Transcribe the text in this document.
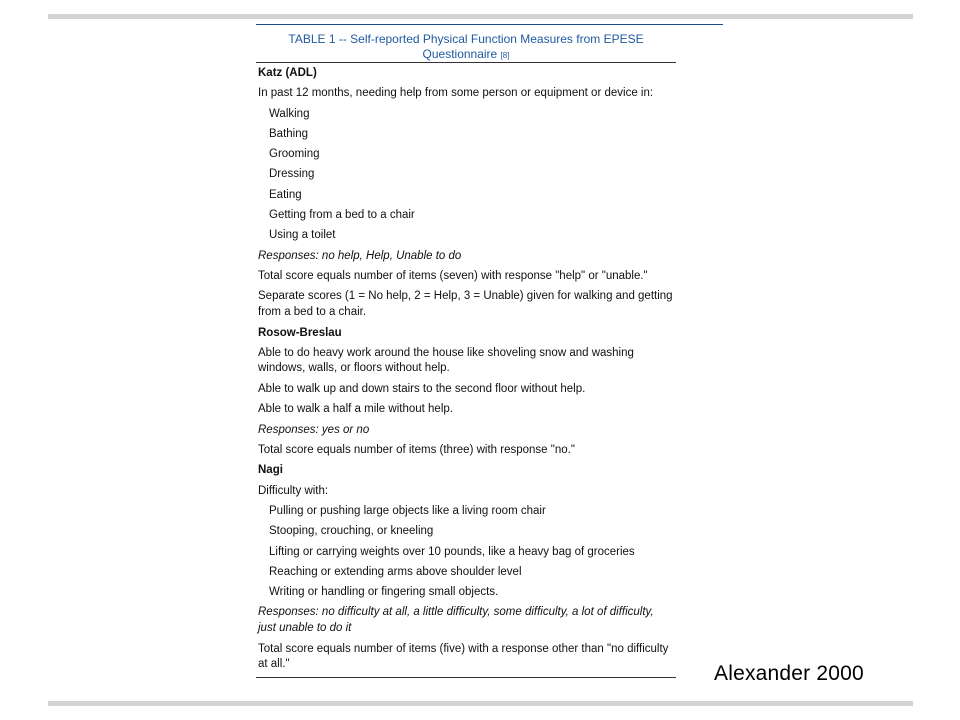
TABLE 1 -- Self-reported Physical Function Measures from EPESE Questionnaire [8]
Katz (ADL)
In past 12 months, needing help from some person or equipment or device in:
Walking
Bathing
Grooming
Dressing
Eating
Getting from a bed to a chair
Using a toilet
Responses: no help, Help, Unable to do
Total score equals number of items (seven) with response "help" or "unable."
Separate scores (1 = No help, 2 = Help, 3 = Unable) given for walking and getting from a bed to a chair.
Rosow-Breslau
Able to do heavy work around the house like shoveling snow and washing windows, walls, or floors without help.
Able to walk up and down stairs to the second floor without help.
Able to walk a half a mile without help.
Responses: yes or no
Total score equals number of items (three) with response "no."
Nagi
Difficulty with:
Pulling or pushing large objects like a living room chair
Stooping, crouching, or kneeling
Lifting or carrying weights over 10 pounds, like a heavy bag of groceries
Reaching or extending arms above shoulder level
Writing or handling or fingering small objects.
Responses: no difficulty at all, a little difficulty, some difficulty, a lot of difficulty, just unable to do it
Total score equals number of items (five) with a response other than "no difficulty at all."	Alexander 2000
